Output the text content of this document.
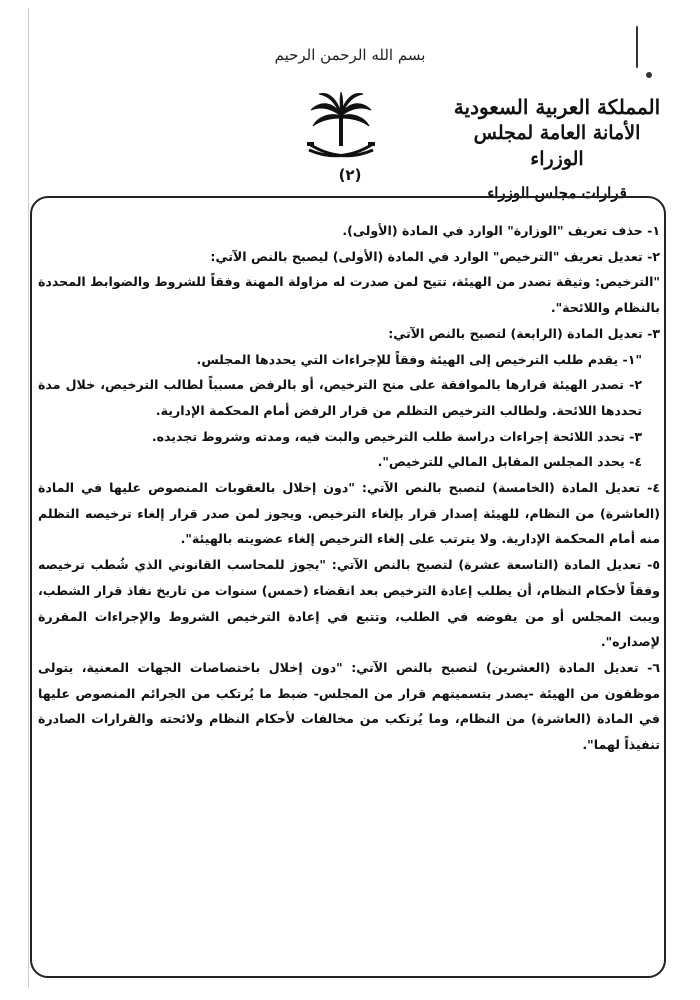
بسم الله الرحمن الرحيم
(٢)
المملكة العربية السعودية
الأمانة العامة لمجلس الوزراء
قرارات مجلس الوزراء

١- حذف تعريف "الوزارة" الوارد في المادة (الأولى).

٢- تعديل تعريف "الترخيص" الوارد في المادة (الأولى) ليصبح بالنص الآتي:

"الترخيص: وثيقة تصدر من الهيئة، تتيح لمن صدرت له مزاولة المهنة وفقاً للشروط والضوابط المحددة بالنظام واللائحة".

٣- تعديل المادة (الرابعة) لتصبح بالنص الآتي:

"١- يقدم طلب الترخيص إلى الهيئة وفقاً للإجراءات التي يحددها المجلس.

٢- تصدر الهيئة قرارها بالموافقة على منح الترخيص، أو بالرفض مسبباً لطالب الترخيص، خلال مدة تحددها اللائحة. ولطالب الترخيص التظلم من قرار الرفض أمام المحكمة الإدارية.

٣- تحدد اللائحة إجراءات دراسة طلب الترخيص والبت فيه، ومدته وشروط تجديده.

٤- يحدد المجلس المقابل المالي للترخيص".

٤- تعديل المادة (الخامسة) لتصبح بالنص الآتي: "دون إخلال بالعقوبات المنصوص عليها في المادة (العاشرة) من النظام، للهيئة إصدار قرار بإلغاء الترخيص. ويجوز لمن صدر قرار إلغاء ترخيصه التظلم منه أمام المحكمة الإدارية. ولا يترتب على إلغاء الترخيص إلغاء عضويته بالهيئة".

٥- تعديل المادة (التاسعة عشرة) لتصبح بالنص الآتي: "يجوز للمحاسب القانوني الذي شُطب ترخيصه وفقاً لأحكام النظام، أن يطلب إعادة الترخيص بعد انقضاء (خمس) سنوات من تاريخ نفاذ قرار الشطب، ويبت المجلس أو من يفوضه في الطلب، وتتبع في إعادة الترخيص الشروط والإجراءات المقررة لإصداره".

٦- تعديل المادة (العشرين) لتصبح بالنص الآتي: "دون إخلال باختصاصات الجهات المعنية، يتولى موظفون من الهيئة -يصدر بتسميتهم قرار من المجلس- ضبط ما يُرتكب من الجرائم المنصوص عليها في المادة (العاشرة) من النظام، وما يُرتكب من مخالفات لأحكام النظام ولائحته والقرارات الصادرة تنفيذاً لهما".
